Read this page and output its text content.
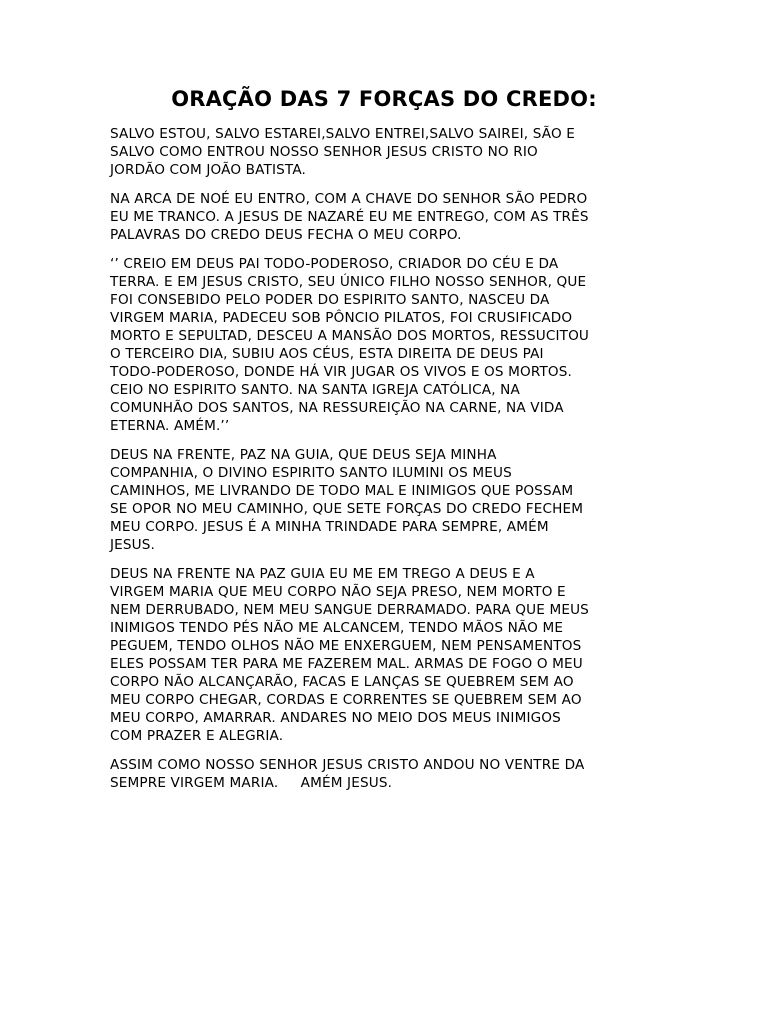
ORAÇÃO DAS 7 FORÇAS DO CREDO:

SALVO ESTOU, SALVO ESTAREI,SALVO ENTREI,SALVO SAIREI, SÃO E
SALVO COMO ENTROU NOSSO SENHOR JESUS CRISTO NO RIO
JORDÃO COM JOÃO BATISTA.

NA ARCA DE NOÉ EU ENTRO, COM A CHAVE DO SENHOR SÃO PEDRO
EU ME TRANCO. A JESUS DE NAZARÉ EU ME ENTREGO, COM AS TRÊS
PALAVRAS DO CREDO DEUS FECHA O MEU CORPO.

‘’ CREIO EM DEUS PAI TODO-PODEROSO, CRIADOR DO CÉU E DA
TERRA. E EM JESUS CRISTO, SEU ÚNICO FILHO NOSSO SENHOR, QUE
FOI CONSEBIDO PELO PODER DO ESPIRITO SANTO, NASCEU DA
VIRGEM MARIA, PADECEU SOB PÔNCIO PILATOS, FOI CRUSIFICADO
MORTO E SEPULTAD, DESCEU A MANSÃO DOS MORTOS, RESSUCITOU
O TERCEIRO DIA, SUBIU AOS CÉUS, ESTA DIREITA DE DEUS PAI
TODO-PODEROSO, DONDE HÁ VIR JUGAR OS VIVOS E OS MORTOS.
CEIO NO ESPIRITO SANTO. NA SANTA IGREJA CATÓLICA, NA
COMUNHÃO DOS SANTOS, NA RESSUREIÇÃO NA CARNE, NA VIDA
ETERNA. AMÉM.’’

DEUS NA FRENTE, PAZ NA GUIA, QUE DEUS SEJA MINHA
COMPANHIA, O DIVINO ESPIRITO SANTO ILUMINI OS MEUS
CAMINHOS, ME LIVRANDO DE TODO MAL E INIMIGOS QUE POSSAM
SE OPOR NO MEU CAMINHO, QUE SETE FORÇAS DO CREDO FECHEM
MEU CORPO. JESUS É A MINHA TRINDADE PARA SEMPRE, AMÉM
JESUS.

DEUS NA FRENTE NA PAZ GUIA EU ME EM TREGO A DEUS E A
VIRGEM MARIA QUE MEU CORPO NÃO SEJA PRESO, NEM MORTO E
NEM DERRUBADO, NEM MEU SANGUE DERRAMADO. PARA QUE MEUS
INIMIGOS TENDO PÉS NÃO ME ALCANCEM, TENDO MÃOS NÃO ME
PEGUEM, TENDO OLHOS NÃO ME ENXERGUEM, NEM PENSAMENTOS
ELES POSSAM TER PARA ME FAZEREM MAL. ARMAS DE FOGO O MEU
CORPO NÃO ALCANÇARÃO, FACAS E LANÇAS SE QUEBREM SEM AO
MEU CORPO CHEGAR, CORDAS E CORRENTES SE QUEBREM SEM AO
MEU CORPO, AMARRAR. ANDARES NO MEIO DOS MEUS INIMIGOS
COM PRAZER E ALEGRIA.

ASSIM COMO NOSSO SENHOR JESUS CRISTO ANDOU NO VENTRE DA
SEMPRE VIRGEM MARIA.     AMÉM JESUS.
